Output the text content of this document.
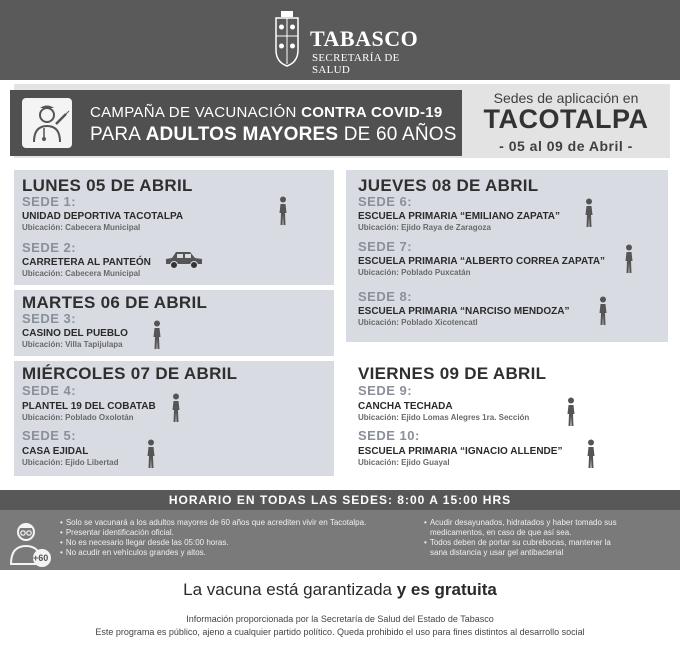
TABASCO
SECRETARÍA DE SALUD
CAMPAÑA DE VACUNACIÓN CONTRA COVID-19
PARA ADULTOS MAYORES DE 60 AÑOS
Sedes de aplicación en
TACOTALPA
- 05 al 09 de Abril -
LUNES 05 DE ABRIL
SEDE 1:
UNIDAD DEPORTIVA TACOTALPA
Ubicación: Cabecera Municipal
SEDE 2:
CARRETERA AL PANTEÓN
Ubicación: Cabecera Municipal
MARTES 06 DE ABRIL
SEDE 3:
CASINO DEL PUEBLO
Ubicación: Villa Tapijulapa
MIÉRCOLES 07 DE ABRIL
SEDE 4:
PLANTEL 19 DEL COBATAB
Ubicación: Poblado Oxolotán
SEDE 5:
CASA EJIDAL
Ubicación: Ejido Libertad
JUEVES 08 DE ABRIL
SEDE 6:
ESCUELA PRIMARIA “EMILIANO ZAPATA”
Ubicación: Ejido Raya de Zaragoza
SEDE 7:
ESCUELA PRIMARIA “ALBERTO CORREA ZAPATA”
Ubicación: Poblado Puxcatán
SEDE 8:
ESCUELA PRIMARIA “NARCISO MENDOZA”
Ubicación: Poblado Xicotencatl
VIERNES 09 DE ABRIL
SEDE 9:
CANCHA TECHADA
Ubicación: Ejido Lomas Alegres 1ra. Sección
SEDE 10:
ESCUELA PRIMARIA “IGNACIO ALLENDE”
Ubicación: Ejido Guayal
HORARIO EN TODAS LAS SEDES: 8:00 A 15:00 HRS
+60
• Solo se vacunará a los adultos mayores de 60 años que acrediten vivir en Tacotalpa.
• Presentar identificación oficial.
• No es necesario llegar desde las 05:00 horas.
• No acudir en vehículos grandes y altos.
• Acudir desayunados, hidratados y haber tomado sus
medicamentos, en caso de que así sea.
• Todos deben de portar su cubrebocas, mantener la
sana distancia y usar gel antibacterial
La vacuna está garantizada y es gratuita
Información proporcionada por la Secretaría de Salud del Estado de Tabasco
Este programa es público, ajeno a cualquier partido político. Queda prohibido el uso para fines distintos al desarrollo social
